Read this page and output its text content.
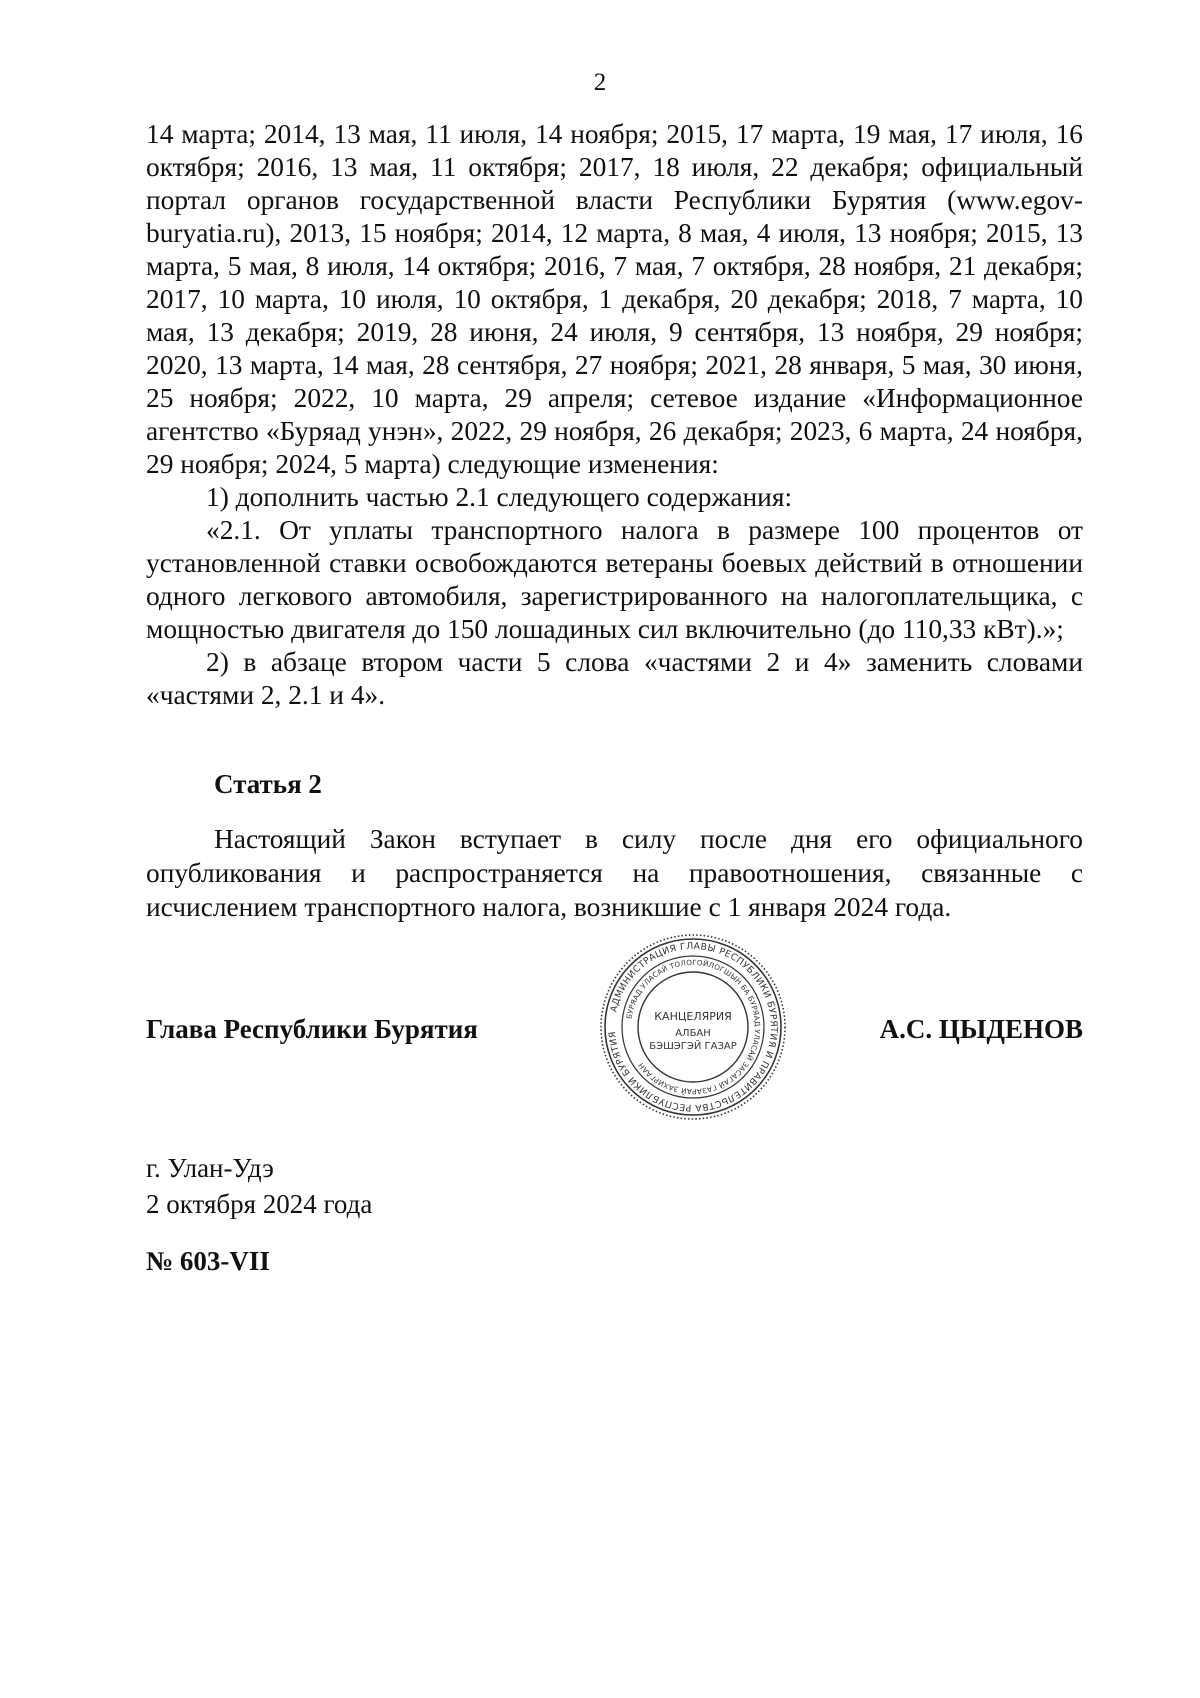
2

14 марта; 2014, 13 мая, 11 июля, 14 ноября; 2015, 17 марта, 19 мая, 17 июля, 16 октября; 2016, 13 мая, 11 октября; 2017, 18 июля, 22 декабря; официальный портал органов государственной власти Республики Бурятия (www.egov-buryatia.ru), 2013, 15 ноября; 2014, 12 марта, 8 мая, 4 июля, 13 ноября; 2015, 13 марта, 5 мая, 8 июля, 14 октября; 2016, 7 мая, 7 октября, 28 ноября, 21 декабря; 2017, 10 марта, 10 июля, 10 октября, 1 декабря, 20 декабря; 2018, 7 марта, 10 мая, 13 декабря; 2019, 28 июня, 24 июля, 9 сентября, 13 ноября, 29 ноября; 2020, 13 марта, 14 мая, 28 сентября, 27 ноября; 2021, 28 января, 5 мая, 30 июня, 25 ноября; 2022, 10 марта, 29 апреля; сетевое издание «Информационное агентство «Буряад унэн», 2022, 29 ноября, 26 декабря; 2023, 6 марта, 24 ноября, 29 ноября; 2024, 5 марта) следующие изменения:

1) дополнить частью 2.1 следующего содержания:

«2.1. От уплаты транспортного налога в размере 100 процентов от установленной ставки освобождаются ветераны боевых действий в отношении одного легкового автомобиля, зарегистрированного на налогоплательщика, с мощностью двигателя до 150 лошадиных сил включительно (до 110,33 кВт).»;

2) в абзаце втором части 5 слова «частями 2 и 4» заменить словами «частями 2, 2.1 и 4».

Статья 2

Настоящий Закон вступает в силу после дня его официального опубликования и распространяется на правоотношения, связанные с исчислением транспортного налога, возникшие с 1 января 2024 года.

Глава Республики Бурятия

АДМИНИСТРАЦИЯ ГЛАВЫ РЕСПУБЛИКИ БУРЯТИЯ И ПРАВИТЕЛЬСТВА РЕСПУБЛИКИ БУРЯТИЯ
БУРЯАД УЛАСАЙ ТОЛОГОЙЛОГШЫН БА БУРЯАД УЛАСАЙ ЗАСАГАЙ ГАЗАРАЙ ЗАХИРГААН
КАНЦЕЛЯРИЯ
АЛБАН
БЭШЭГЭЙ ГАЗАР

А.С. ЦЫДЕНОВ

г. Улан-Удэ
2 октября 2024 года

№ 603-VII
